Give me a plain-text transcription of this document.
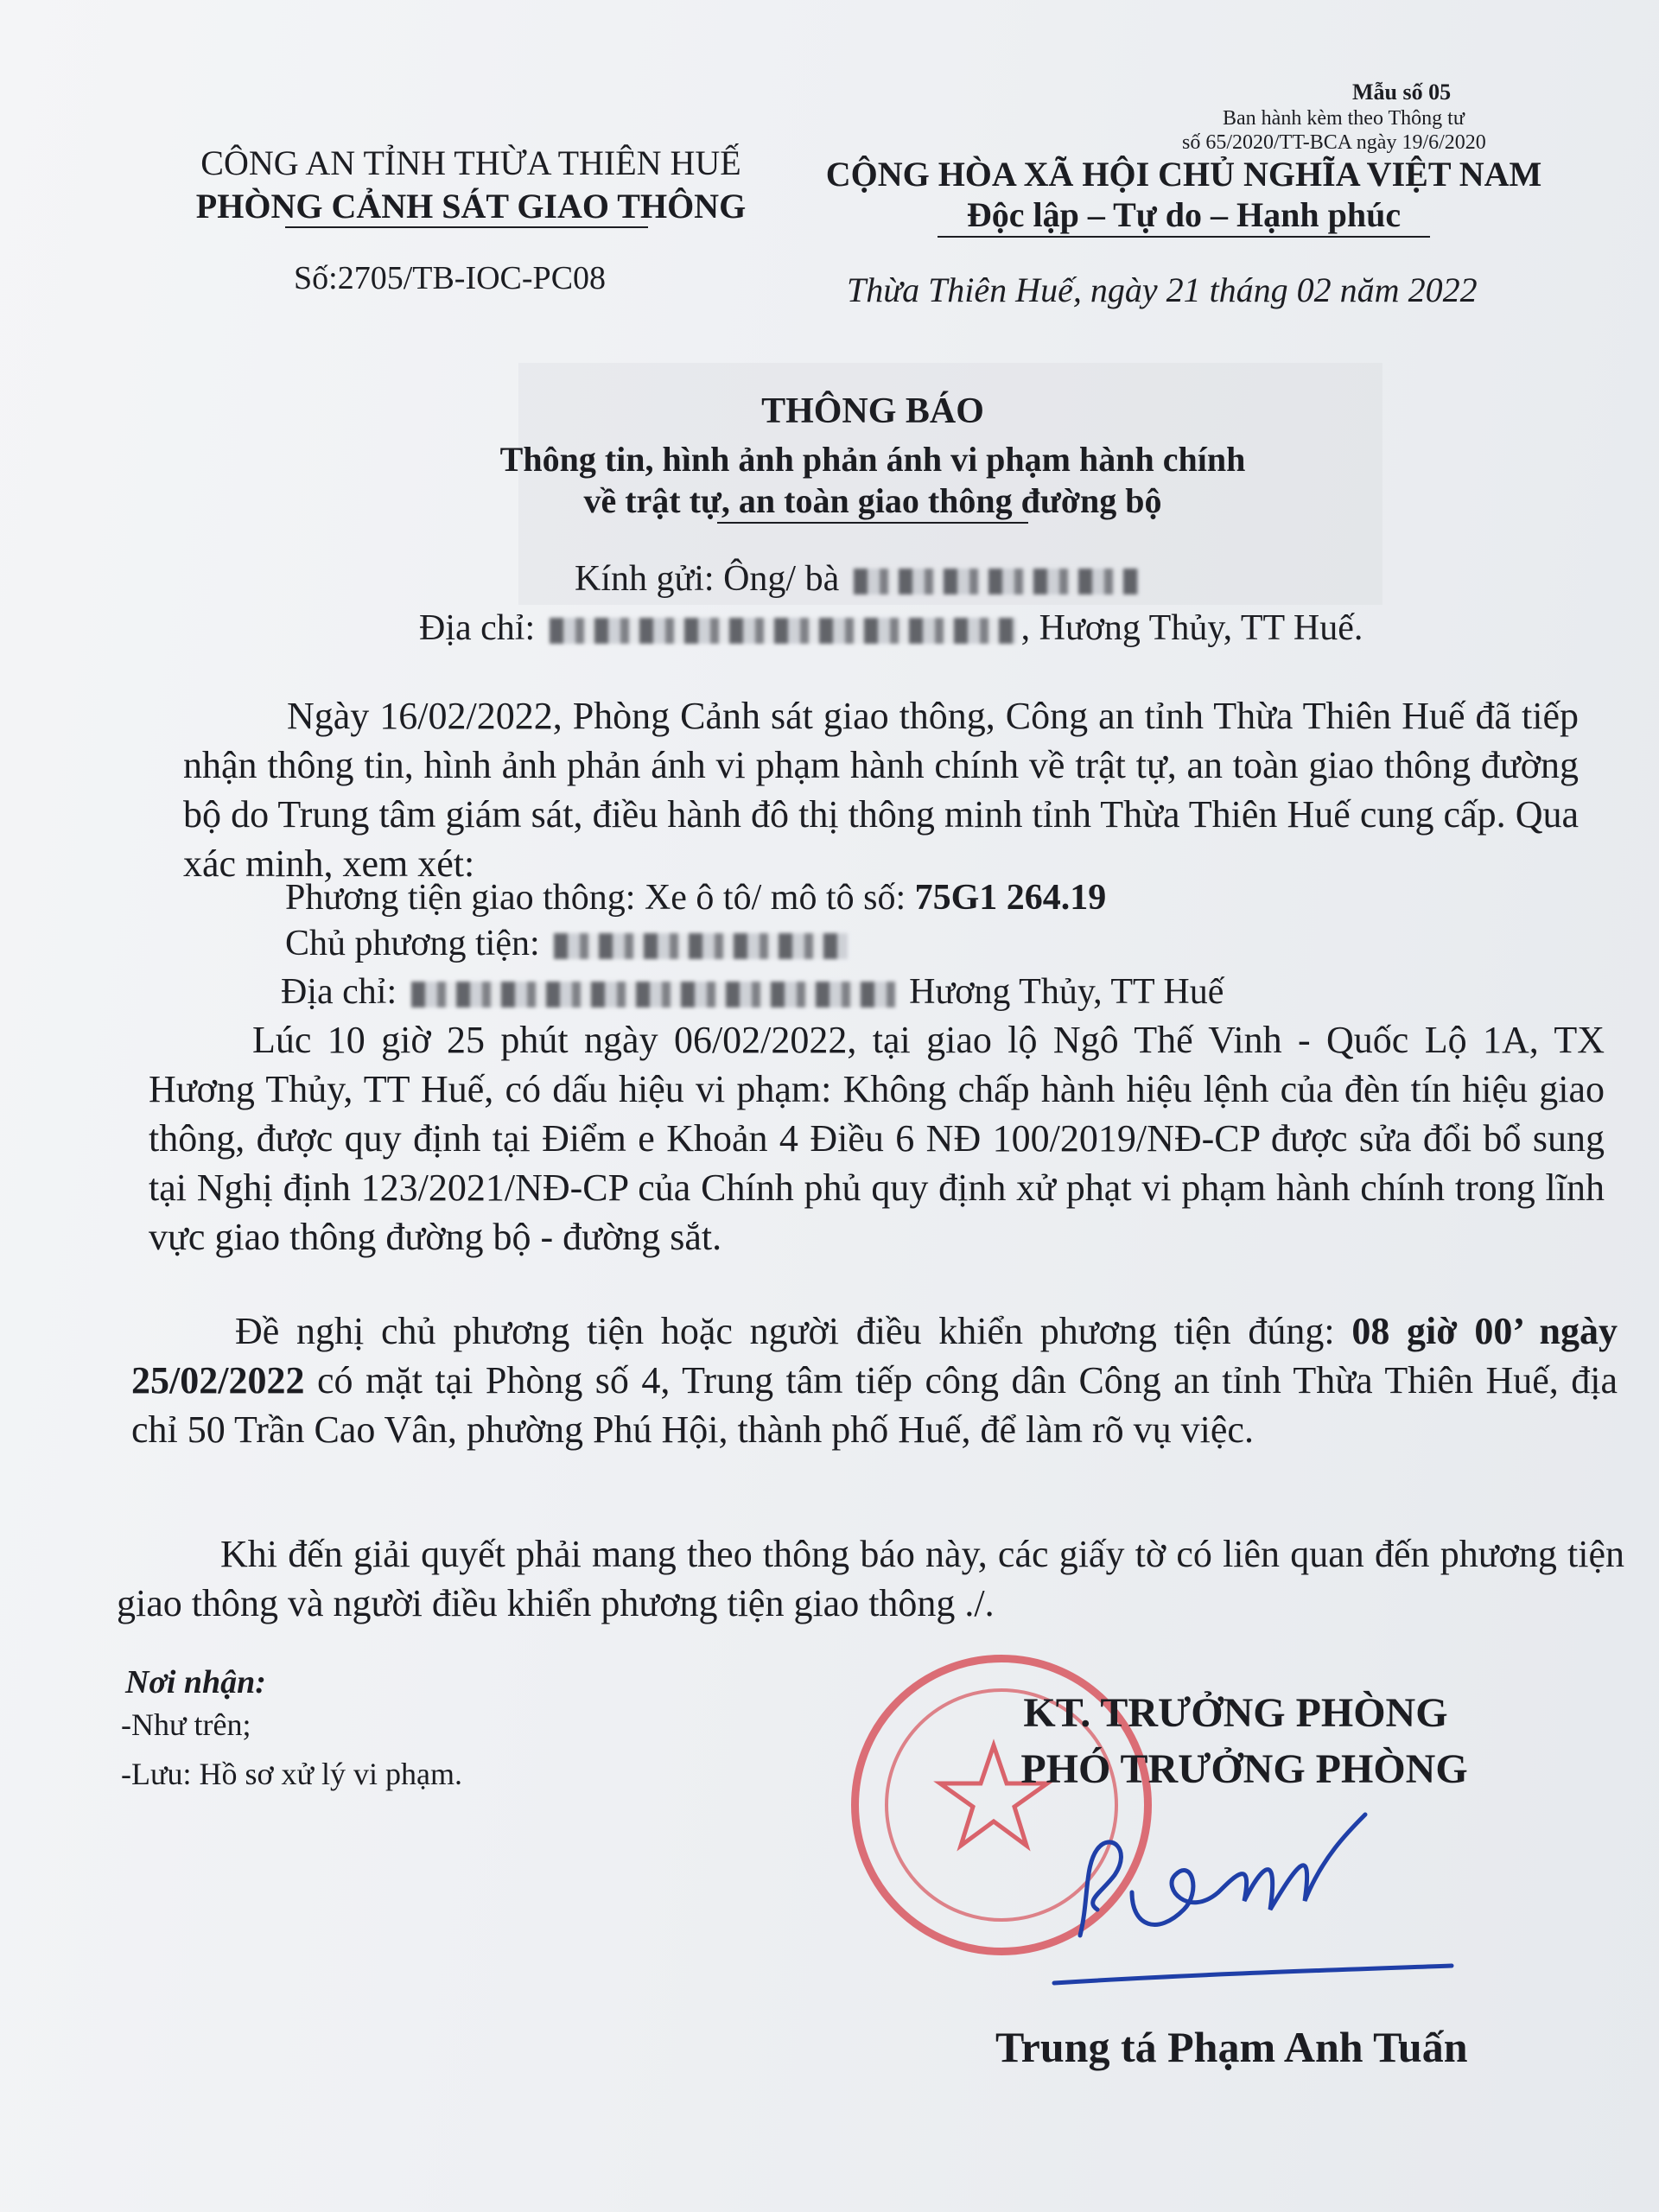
Mẫu số 05
Ban hành kèm theo Thông tư
số 65/2020/TT-BCA ngày 19/6/2020
CÔNG AN TỈNH THỪA THIÊN HUẾ
PHÒNG CẢNH SÁT GIAO THÔNG
Số:2705/TB-IOC-PC08
CỘNG HÒA XÃ HỘI CHỦ NGHĨA VIỆT NAM
Độc lập – Tự do – Hạnh phúc
Thừa Thiên Huế, ngày 21 tháng 02 năm 2022
THÔNG BÁO
Thông tin, hình ảnh phản ánh vi phạm hành chính
về trật tự, an toàn giao thông đường bộ
Kính gửi: Ông/ bà
Địa chỉ:	, Hương Thủy, TT Huế.

Ngày 16/02/2022, Phòng Cảnh sát giao thông, Công an tỉnh Thừa Thiên Huế đã tiếp nhận thông tin, hình ảnh phản ánh vi phạm hành chính về trật tự, an toàn giao thông đường bộ do Trung tâm giám sát, điều hành đô thị thông minh tỉnh Thừa Thiên Huế cung cấp. Qua xác minh, xem xét:

Phương tiện giao thông: Xe ô tô/ mô tô số: 75G1 264.19
Chủ phương tiện:
Địa chỉ:	Hương Thủy, TT Huế

Lúc 10 giờ 25 phút ngày 06/02/2022, tại giao lộ Ngô Thế Vinh - Quốc Lộ 1A, TX Hương Thủy, TT Huế, có dấu hiệu vi phạm: Không chấp hành hiệu lệnh của đèn tín hiệu giao thông, được quy định tại Điểm e Khoản 4 Điều 6 NĐ 100/2019/NĐ-CP được sửa đổi bổ sung tại Nghị định 123/2021/NĐ-CP của Chính phủ quy định xử phạt vi phạm hành chính trong lĩnh vực giao thông đường bộ - đường sắt.

Đề nghị chủ phương tiện hoặc người điều khiển phương tiện đúng: 08 giờ 00’ ngày 25/02/2022 có mặt tại Phòng số 4, Trung tâm tiếp công dân Công an tỉnh Thừa Thiên Huế, địa chỉ 50 Trần Cao Vân, phường Phú Hội, thành phố Huế, để làm rõ vụ việc.

Khi đến giải quyết phải mang theo thông báo này, các giấy tờ có liên quan đến phương tiện giao thông và người điều khiển phương tiện giao thông ./.

Nơi nhận:
-Như trên;
-Lưu: Hồ sơ xử lý vi phạm.
KT. TRƯỞNG PHÒNG
PHÓ TRƯỞNG PHÒNG
Trung tá Phạm Anh Tuấn
